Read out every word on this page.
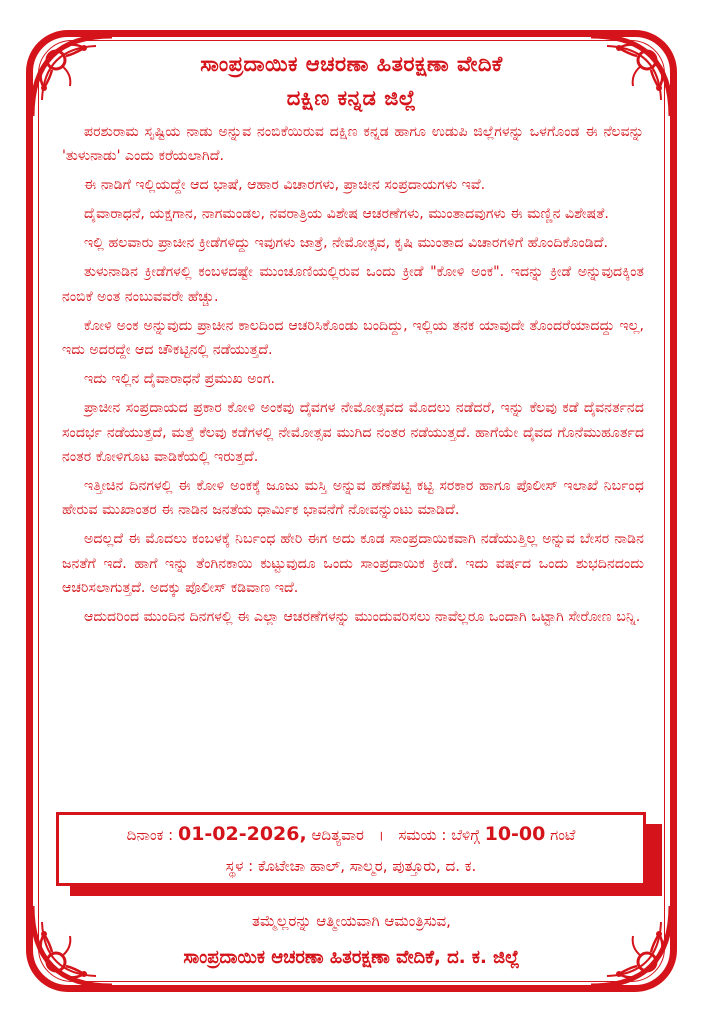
ಸಾಂಪ್ರದಾಯಿಕ ಆಚರಣಾ ಹಿತರಕ್ಷಣಾ ವೇದಿಕೆ
ದಕ್ಷಿಣ ಕನ್ನಡ ಜಿಲ್ಲೆ

ಪರಶುರಾಮ ಸೃಷ್ಟಿಯ ನಾಡು ಅನ್ನುವ ನಂಬಿಕೆಯಿರುವ ದಕ್ಷಿಣ ಕನ್ನಡ ಹಾಗೂ ಉಡುಪಿ ಜಿಲ್ಲೆಗಳನ್ನು ಒಳಗೊಂಡ ಈ ನೆಲವನ್ನು 'ತುಳುನಾಡು' ಎಂದು ಕರೆಯಲಾಗಿದೆ.

ಈ ನಾಡಿಗೆ ಇಲ್ಲಿಯದ್ದೇ ಆದ ಭಾಷೆ, ಆಹಾರ ವಿಚಾರಗಳು, ಪ್ರಾಚೀನ ಸಂಪ್ರದಾಯಗಳು ಇವೆ.

ದೈವಾರಾಧನೆ, ಯಕ್ಷಗಾನ, ನಾಗಮಂಡಲ, ನವರಾತ್ರಿಯ ವಿಶೇಷ ಆಚರಣೆಗಳು, ಮುಂತಾದವುಗಳು ಈ ಮಣ್ಣಿನ ವಿಶೇಷತೆ.

ಇಲ್ಲಿ ಹಲವಾರು ಪ್ರಾಚೀನ ಕ್ರೀಡೆಗಳಿದ್ದು ಇವುಗಳು ಜಾತ್ರೆ, ನೇಮೋತ್ಸವ, ಕೃಷಿ ಮುಂತಾದ ವಿಚಾರಗಳಿಗೆ ಹೊಂದಿಕೊಂಡಿದೆ.

ತುಳುನಾಡಿನ ಕ್ರೀಡೆಗಳಲ್ಲಿ ಕಂಬಳದಷ್ಟೇ ಮುಂಚೂಣಿಯಲ್ಲಿರುವ ಒಂದು ಕ್ರೀಡೆ "ಕೋಳಿ ಅಂಕ". ಇದನ್ನು ಕ್ರೀಡೆ ಅನ್ನುವುದಕ್ಕಿಂತ ನಂಬಿಕೆ ಅಂತ ನಂಬುವವರೇ ಹೆಚ್ಚು.

ಕೋಳಿ ಅಂಕ ಅನ್ನುವುದು ಪ್ರಾಚೀನ ಕಾಲದಿಂದ ಆಚರಿಸಿಕೊಂಡು ಬಂದಿದ್ದು, ಇಲ್ಲಿಯ ತನಕ ಯಾವುದೇ ತೊಂದರೆಯಾದದ್ದು ಇಲ್ಲ, ಇದು ಅದರದ್ದೇ ಆದ ಚೌಕಟ್ಟಿನಲ್ಲಿ ನಡೆಯುತ್ತದೆ.

ಇದು ಇಲ್ಲಿನ ದೈವಾರಾಧನೆ ಪ್ರಮುಖ ಅಂಗ.

ಪ್ರಾಚೀನ ಸಂಪ್ರದಾಯದ ಪ್ರಕಾರ ಕೋಳಿ ಅಂಕವು ದೈವಗಳ ನೇಮೋತ್ಸವದ ಮೊದಲು ನಡೆದರೆ, ಇನ್ನು ಕೆಲವು ಕಡೆ ದೈವನರ್ತನದ ಸಂದರ್ಭ ನಡೆಯುತ್ತದೆ, ಮತ್ತೆ ಕೆಲವು ಕಡೆಗಳಲ್ಲಿ ನೇಮೋತ್ಸವ ಮುಗಿದ ನಂತರ ನಡೆಯುತ್ತದೆ. ಹಾಗೆಯೇ ದೈವದ ಗೊನೆಮುಹೂರ್ತದ ನಂತರ ಕೋಳಿಗೂಟ ವಾಡಿಕೆಯಲ್ಲಿ ಇರುತ್ತದೆ.

ಇತ್ತೀಚಿನ ದಿನಗಳಲ್ಲಿ ಈ ಕೋಳಿ ಅಂಕಕ್ಕೆ ಜೂಜು ಮಸ್ತಿ ಅನ್ನುವ ಹಣೆಪಟ್ಟಿ ಕಟ್ಟಿ ಸರಕಾರ ಹಾಗೂ ಪೊಲೀಸ್ ಇಲಾಖೆ ನಿರ್ಬಂಧ ಹೇರುವ ಮುಖಾಂತರ ಈ ನಾಡಿನ ಜನತೆಯ ಧಾರ್ಮಿಕ ಭಾವನೆಗೆ ನೋವನ್ನುಂಟು ಮಾಡಿದೆ.

ಅದಲ್ಲದೆ ಈ ಮೊದಲು ಕಂಬಳಕ್ಕೆ ನಿರ್ಬಂಧ ಹೇರಿ ಈಗ ಅದು ಕೂಡ ಸಾಂಪ್ರದಾಯಿಕವಾಗಿ ನಡೆಯುತ್ತಿಲ್ಲ ಅನ್ನುವ ಬೇಸರ ನಾಡಿನ ಜನತೆಗೆ ಇದೆ. ಹಾಗೆ ಇನ್ನು ತೆಂಗಿನಕಾಯಿ ಕುಟ್ಟುವುದೂ ಒಂದು ಸಾಂಪ್ರದಾಯಿಕ ಕ್ರೀಡೆ. ಇದು ವರ್ಷದ ಒಂದು ಶುಭದಿನದಂದು ಆಚರಿಸಲಾಗುತ್ತದೆ. ಅದಕ್ಕು ಪೊಲೀಸ್ ಕಡಿವಾಣ ಇದೆ.

ಆದುದರಿಂದ ಮುಂದಿನ ದಿನಗಳಲ್ಲಿ ಈ ಎಲ್ಲಾ ಆಚರಣೆಗಳನ್ನು ಮುಂದುವರಿಸಲು ನಾವೆಲ್ಲರೂ ಒಂದಾಗಿ ಒಟ್ಟಾಗಿ ಸೇರೋಣ ಬನ್ನಿ.

ದಿನಾಂಕ : 01-02-2026, ಆದಿತ್ಯವಾರ । ಸಮಯ : ಬೆಳಿಗ್ಗೆ 10-00 ಗಂಟೆ
ಸ್ಥಳ : ಕೊಟೇಚಾ ಹಾಲ್, ಸಾಲ್ಮರ, ಪುತ್ತೂರು, ದ. ಕ.
ತಮ್ಮೆಲ್ಲರನ್ನು ಆತ್ಮೀಯವಾಗಿ ಆಮಂತ್ರಿಸುವ,
ಸಾಂಪ್ರದಾಯಿಕ ಆಚರಣಾ ಹಿತರಕ್ಷಣಾ ವೇದಿಕೆ, ದ. ಕ. ಜಿಲ್ಲೆ
